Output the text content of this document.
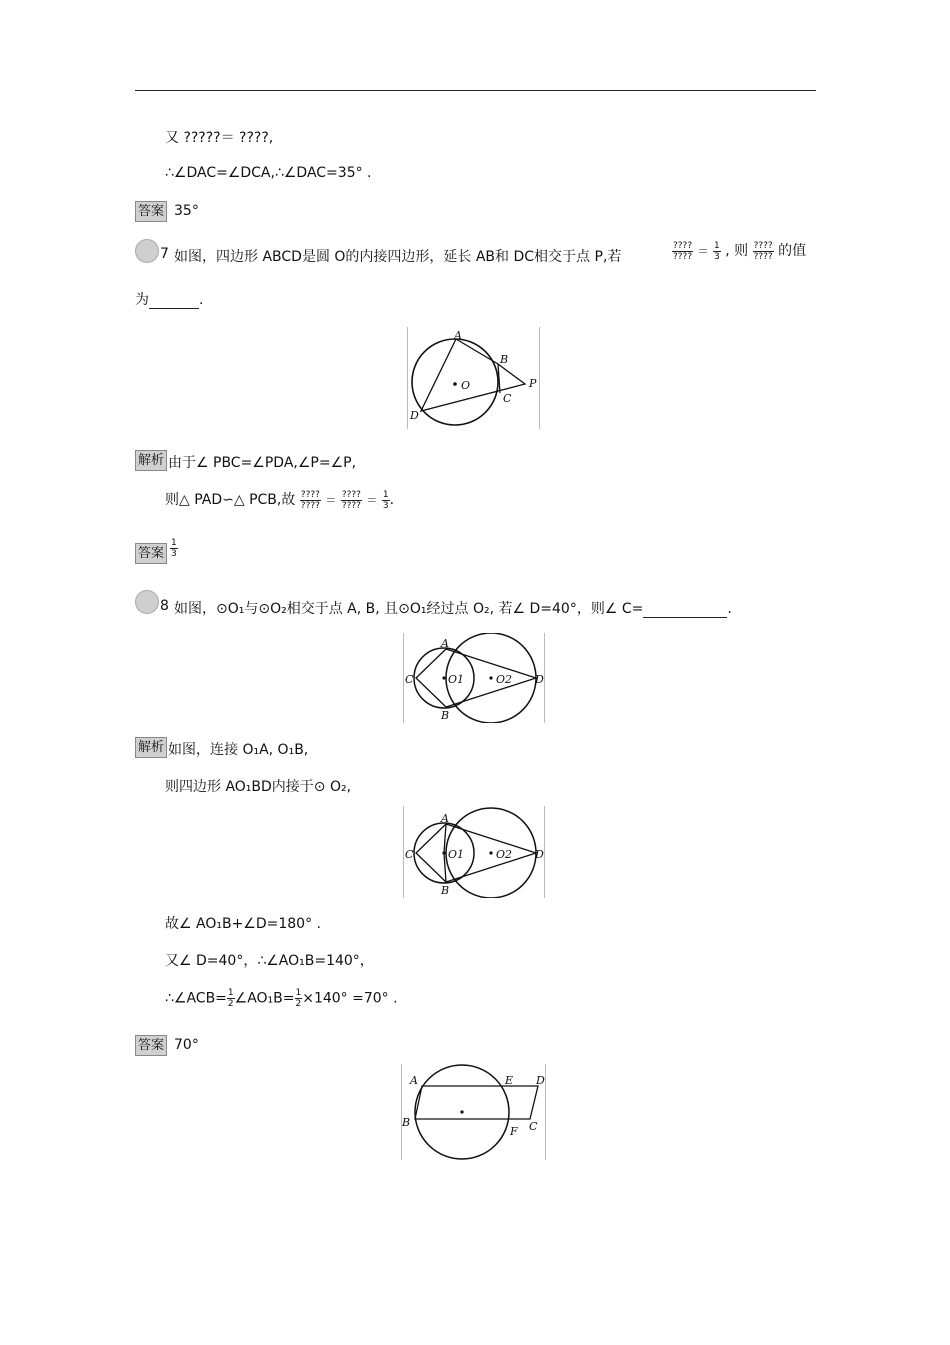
又 ?????＝ ????,
∴∠DAC=∠DCA,∴∠DAC=35° .
答案 35°
7 如图，四边形 ABCD是圆 O的内接四边形，延长 AB和 DC相交于点 P,若	$\frac{????}{????} = \frac{1}{3}$ , 则 $\frac{????}{????}$ 的值
为	.
A
B
O	P
C
D
解析 由于∠ PBC=∠PDA,∠P=∠P,
则△ PAD∽△ PCB,故 $\frac{????}{????} = \frac{????}{????} = \frac{1}{3}$ .
答案 $\frac{1}{3}$
8 如图，⊙O₁与⊙O₂相交于点 A, B, 且⊙O₁经过点 O₂, 若∠ D=40°，则∠ C=	.
A
C	O1	O2 D
B
解析 如图，连接 O₁A, O₁B,
则四边形 AO₁BD内接于⊙ O₂,
A
C	O1	O2 D
B
故∠ AO₁B+∠D=180° .
又∠ D=40°，∴∠AO₁B=140°，
∴∠ACB= $\frac{1}{2}$ ∠AO₁B= $\frac{1}{2} \times 140^\circ =70^\circ$ .
答案 70°
A	E D
B
F C
